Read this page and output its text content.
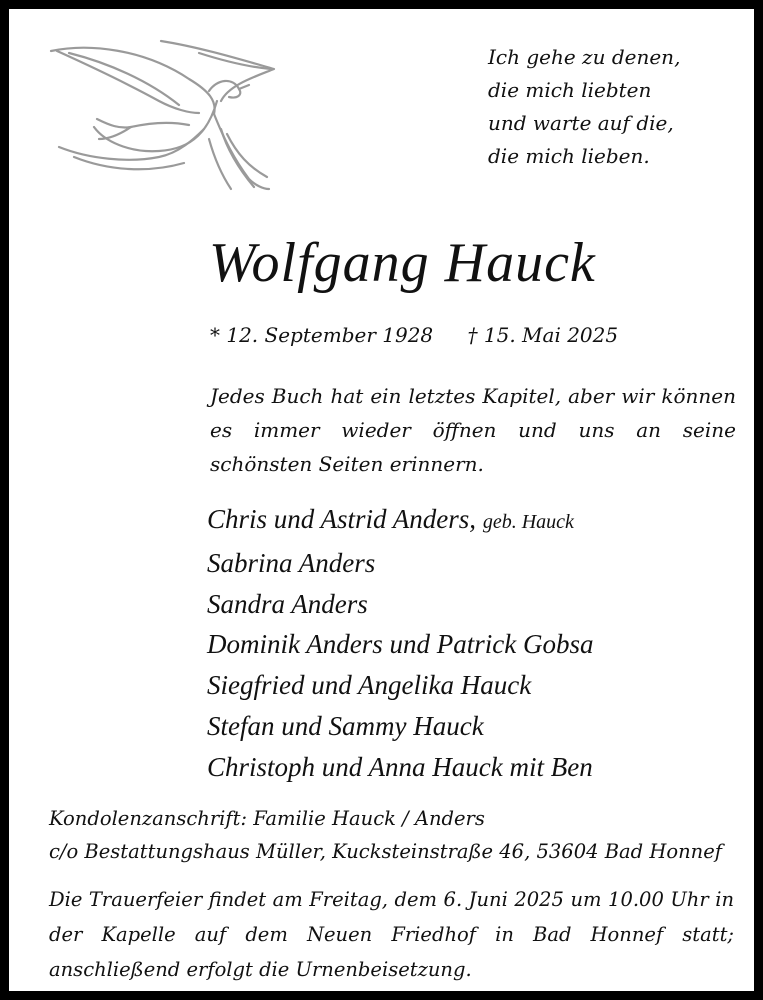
Ich gehe zu denen,
die mich liebten
und warte auf die,
die mich lieben.
Wolfgang Hauck
* 12. September 1928 † 15. Mai 2025
Jedes Buch hat ein letztes Kapitel, aber wir können es immer wieder öffnen und uns an seine schönsten Seiten erinnern.
Chris und Astrid Anders, geb. Hauck
Sabrina Anders
Sandra Anders
Dominik Anders und Patrick Gobsa
Siegfried und Angelika Hauck
Stefan und Sammy Hauck
Christoph und Anna Hauck mit Ben
Kondolenzanschrift: Familie Hauck / Anders
c/o Bestattungshaus Müller, Kucksteinstraße 46, 53604 Bad Honnef
Die Trauerfeier findet am Freitag, dem 6. Juni 2025 um 10.00 Uhr in der Kapelle auf dem Neuen Friedhof in Bad Honnef statt; anschließend erfolgt die Urnenbeisetzung.
